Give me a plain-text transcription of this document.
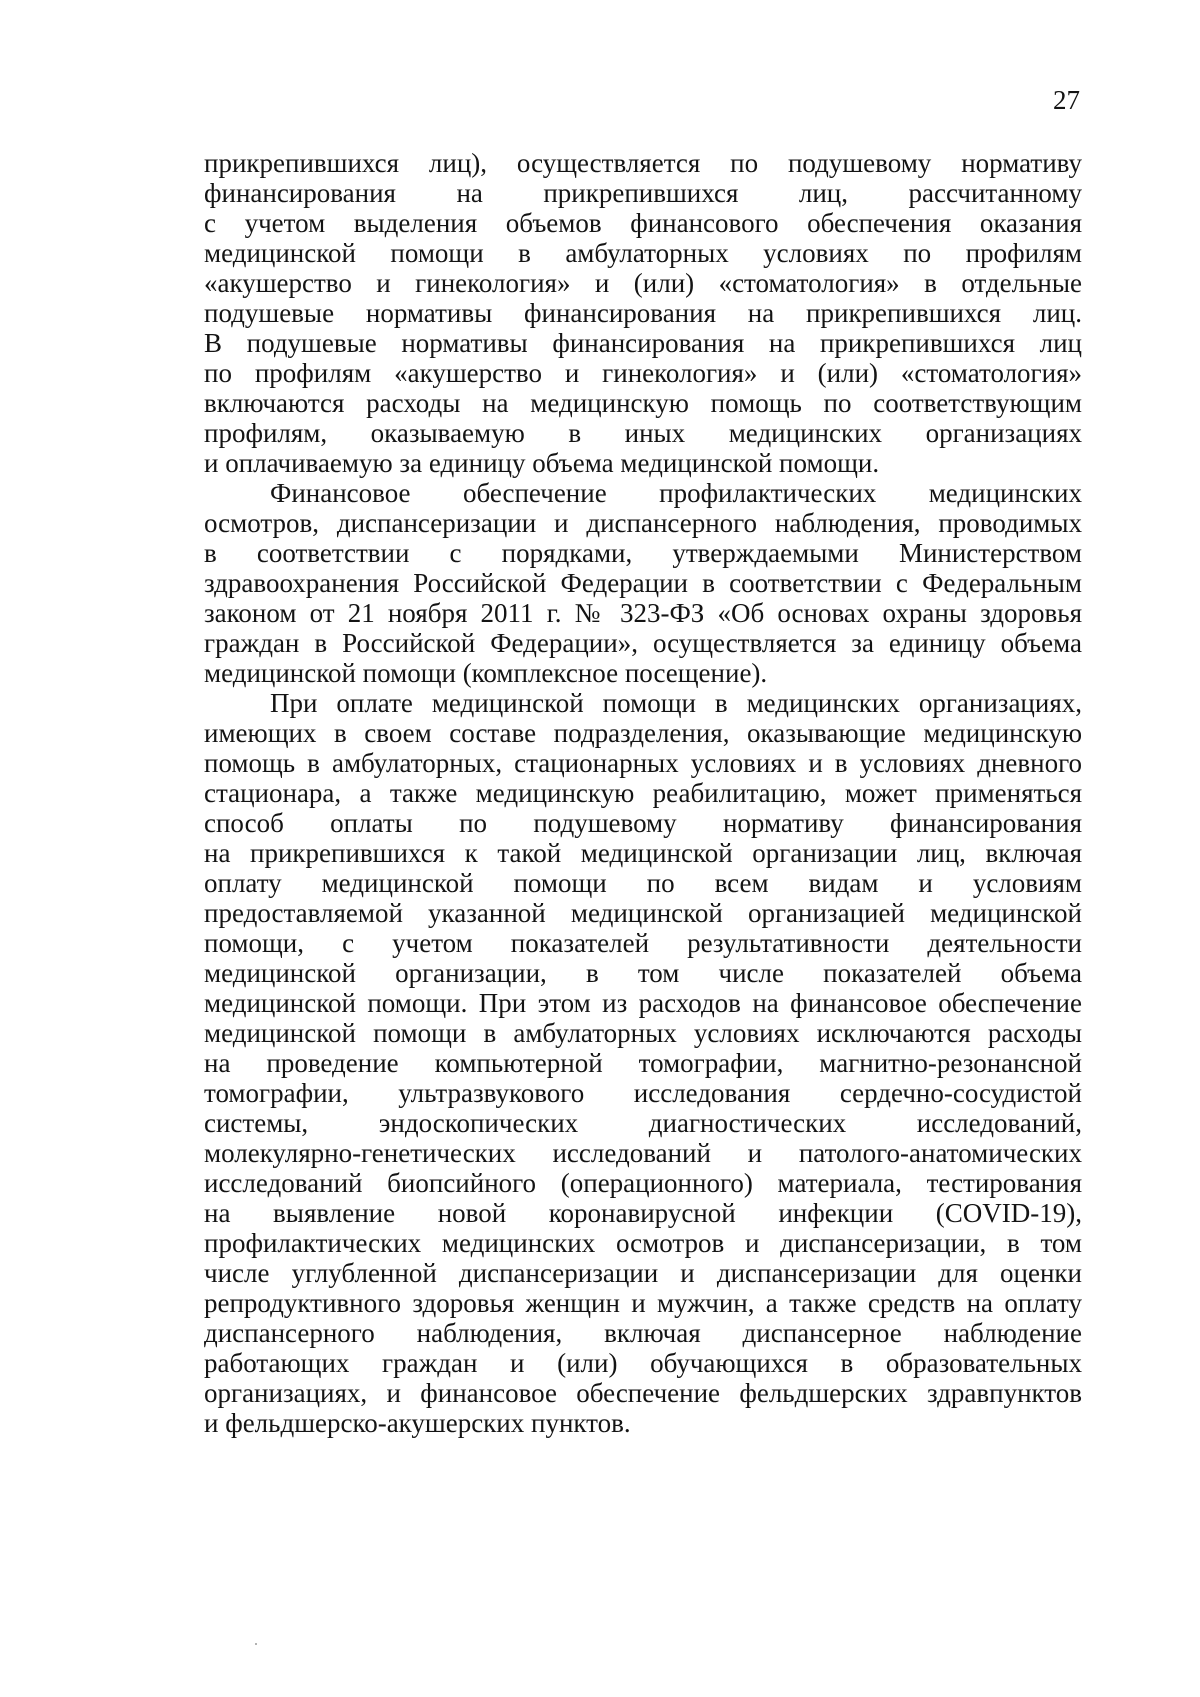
27
прикрепившихся лиц), осуществляется по подушевому нормативу
финансирования на прикрепившихся лиц, рассчитанному
с учетом выделения объемов финансового обеспечения оказания
медицинской помощи в амбулаторных условиях по профилям
«акушерство и гинекология» и (или) «стоматология» в отдельные
подушевые нормативы финансирования на прикрепившихся лиц.
В подушевые нормативы финансирования на прикрепившихся лиц
по профилям «акушерство и гинекология» и (или) «стоматология»
включаются расходы на медицинскую помощь по соответствующим
профилям, оказываемую в иных медицинских организациях
и оплачиваемую за единицу объема медицинской помощи.
Финансовое обеспечение профилактических медицинских
осмотров, диспансеризации и диспансерного наблюдения, проводимых
в соответствии с порядками, утверждаемыми Министерством
здравоохранения Российской Федерации в соответствии с Федеральным
законом от 21 ноября 2011 г. № 323-ФЗ «Об основах охраны здоровья
граждан в Российской Федерации», осуществляется за единицу объема
медицинской помощи (комплексное посещение).
При оплате медицинской помощи в медицинских организациях,
имеющих в своем составе подразделения, оказывающие медицинскую
помощь в амбулаторных, стационарных условиях и в условиях дневного
стационара, а также медицинскую реабилитацию, может применяться
способ оплаты по подушевому нормативу финансирования
на прикрепившихся к такой медицинской организации лиц, включая
оплату медицинской помощи по всем видам и условиям
предоставляемой указанной медицинской организацией медицинской
помощи, с учетом показателей результативности деятельности
медицинской организации, в том числе показателей объема
медицинской помощи. При этом из расходов на финансовое обеспечение
медицинской помощи в амбулаторных условиях исключаются расходы
на проведение компьютерной томографии, магнитно-резонансной
томографии, ультразвукового исследования сердечно-сосудистой
системы, эндоскопических диагностических исследований,
молекулярно-генетических исследований и патолого-анатомических
исследований биопсийного (операционного) материала, тестирования
на выявление новой коронавирусной инфекции (COVID-19),
профилактических медицинских осмотров и диспансеризации, в том
числе углубленной диспансеризации и диспансеризации для оценки
репродуктивного здоровья женщин и мужчин, а также средств на оплату
диспансерного наблюдения, включая диспансерное наблюдение
работающих граждан и (или) обучающихся в образовательных
организациях, и финансовое обеспечение фельдшерских здравпунктов
и фельдшерско-акушерских пунктов.
